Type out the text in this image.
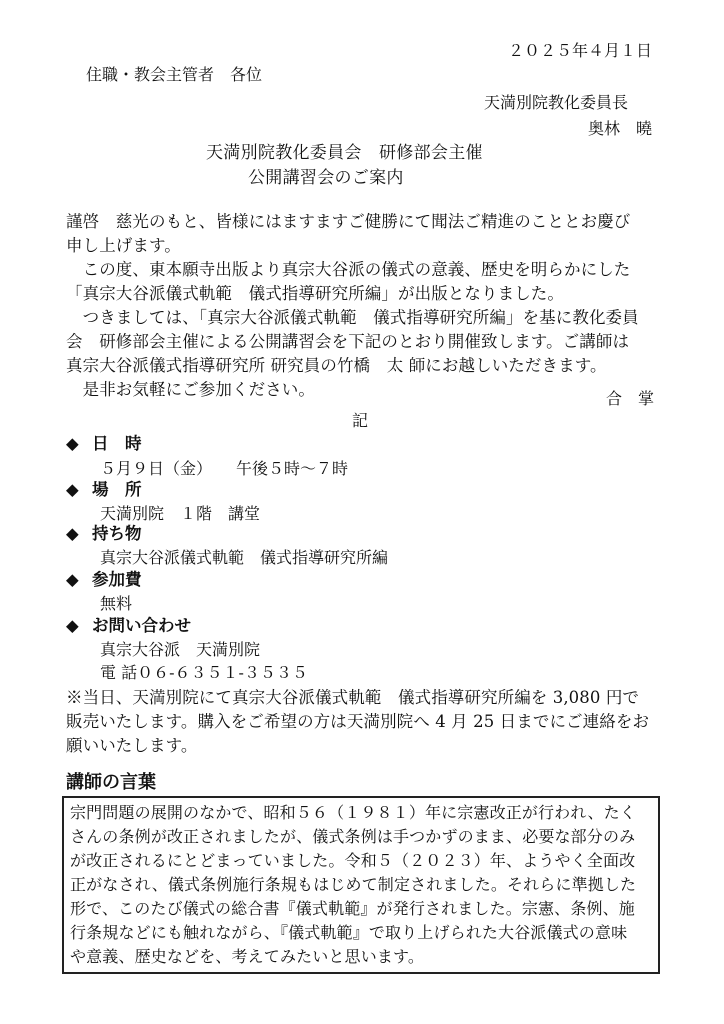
２０２５年４月１日
住職・教会主管者　各位
天満別院教化委員長
奥林　曉
天満別院教化委員会　研修部会主催
公開講習会のご案内
謹啓　慈光のもと、皆様にはますますご健勝にて聞法ご精進のこととお慶び
申し上げます。
　この度、東本願寺出版より真宗大谷派の儀式の意義、歴史を明らかにした
「真宗大谷派儀式軌範　儀式指導研究所編」が出版となりました。
　つきましては、「真宗大谷派儀式軌範　儀式指導研究所編」を基に教化委員
会　研修部会主催による公開講習会を下記のとおり開催致します。ご講師は
真宗大谷派儀式指導研究所 研究員の竹橋　太 師にお越しいただきます。
　是非お気軽にご参加ください。	合　掌
記
◆ 日　時
５月９日（金）　　午後５時～７時
◆ 場　所
天満別院　１階　講堂
◆ 持ち物
真宗大谷派儀式軌範　儀式指導研究所編
◆ 参加費
無料
◆ お問い合わせ
真宗大谷派　天満別院
電 話０６-６３５１-３５３５
※当日、天満別院にて真宗大谷派儀式軌範　儀式指導研究所編を 3,080 円で
販売いたします。購入をご希望の方は天満別院へ 4 月 25 日までにご連絡をお
願いいたします。
講師の言葉
宗門問題の展開のなかで、昭和５６（１９８１）年に宗憲改正が行われ、たく
さんの条例が改正されましたが、儀式条例は手つかずのまま、必要な部分のみ
が改正されるにとどまっていました。令和５（２０２３）年、ようやく全面改
正がなされ、儀式条例施行条規もはじめて制定されました。それらに準拠した
形で、このたび儀式の総合書『儀式軌範』が発行されました。宗憲、条例、施
行条規などにも触れながら、『儀式軌範』で取り上げられた大谷派儀式の意味
や意義、歴史などを、考えてみたいと思います。
